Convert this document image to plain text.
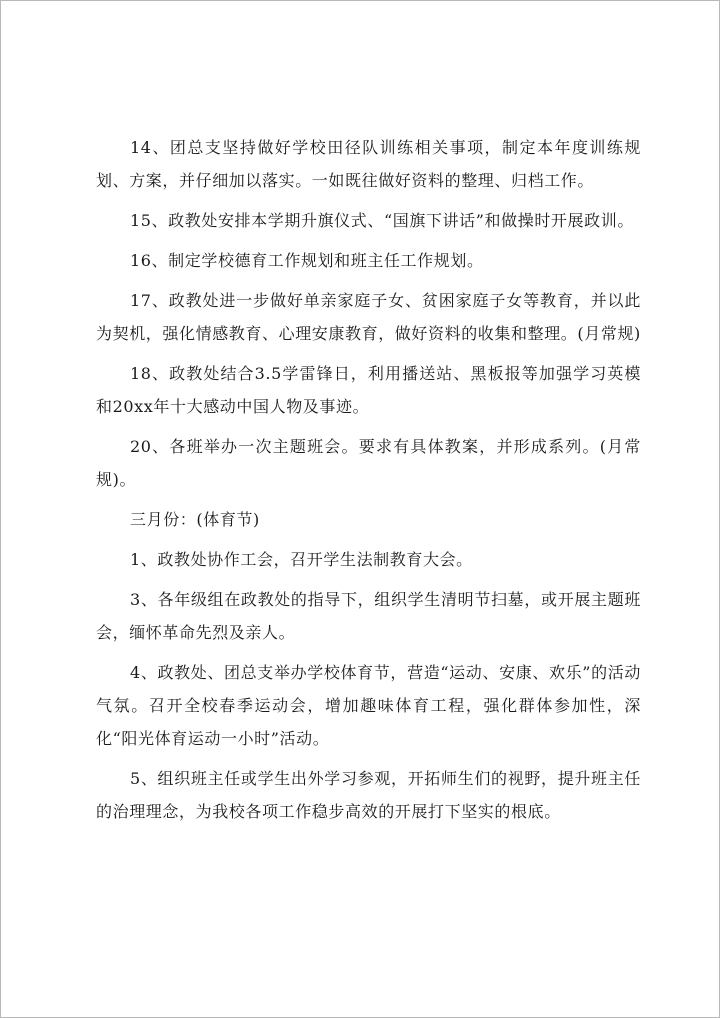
14、团总支坚持做好学校田径队训练相关事项，制定本年度训练规划、方案，并仔细加以落实。一如既往做好资料的整理、归档工作。

15、政教处安排本学期升旗仪式、“国旗下讲话”和做操时开展政训。

16、制定学校德育工作规划和班主任工作规划。

17、政教处进一步做好单亲家庭子女、贫困家庭子女等教育，并以此为契机，强化情感教育、心理安康教育，做好资料的收集和整理。(月常规)

18、政教处结合3.5学雷锋日，利用播送站、黑板报等加强学习英模和20xx年十大感动中国人物及事迹。

20、各班举办一次主题班会。要求有具体教案，并形成系列。(月常规)。

三月份：(体育节)

1、政教处协作工会，召开学生法制教育大会。

3、各年级组在政教处的指导下，组织学生清明节扫墓，或开展主题班会，缅怀革命先烈及亲人。

4、政教处、团总支举办学校体育节，营造“运动、安康、欢乐”的活动气氛。召开全校春季运动会，增加趣味体育工程，强化群体参加性，深化“阳光体育运动一小时”活动。

5、组织班主任或学生出外学习参观，开拓师生们的视野，提升班主任的治理理念，为我校各项工作稳步高效的开展打下坚实的根底。
